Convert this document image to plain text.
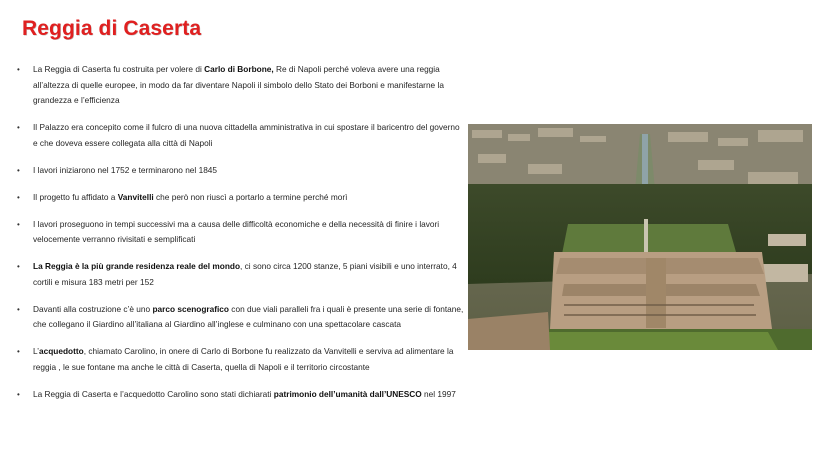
Reggia di Caserta
• La Reggia di Caserta fu costruita per volere di Carlo di Borbone, Re di Napoli perché voleva avere una reggia all’altezza di quelle europee, in modo da far diventare Napoli il simbolo dello Stato dei Borboni e manifestarne la grandezza e l’efficienza
• Il Palazzo era concepito come il fulcro di una nuova cittadella amministrativa in cui spostare il baricentro del governo e che doveva essere collegata alla città di Napoli
• I lavori iniziarono nel 1752 e terminarono nel 1845
• Il progetto fu affidato a Vanvitelli che però non riuscì a portarlo a termine perché morì
• I lavori proseguono in tempi successivi ma a causa delle difficoltà economiche e della necessità di finire i lavori velocemente verranno rivisitati e semplificati
• La Reggia è la più grande residenza reale del mondo, ci sono circa 1200 stanze, 5 piani visibili e uno interrato, 4 cortili e misura 183 metri per 152
• Davanti alla costruzione c’è uno parco scenografico con due viali paralleli fra i quali è presente una serie di fontane, che collegano il Giardino all’italiana al Giardino all’inglese e culminano con una spettacolare cascata
• L’acquedotto, chiamato Carolino, in onere di Carlo di Borbone fu realizzato da Vanvitelli e serviva ad alimentare la reggia , le sue fontane ma anche le città di Caserta, quella di Napoli e il territorio circostante
• La Reggia di Caserta e l’acquedotto Carolino sono stati dichiarati patrimonio dell’umanità dall’UNESCO nel 1997
